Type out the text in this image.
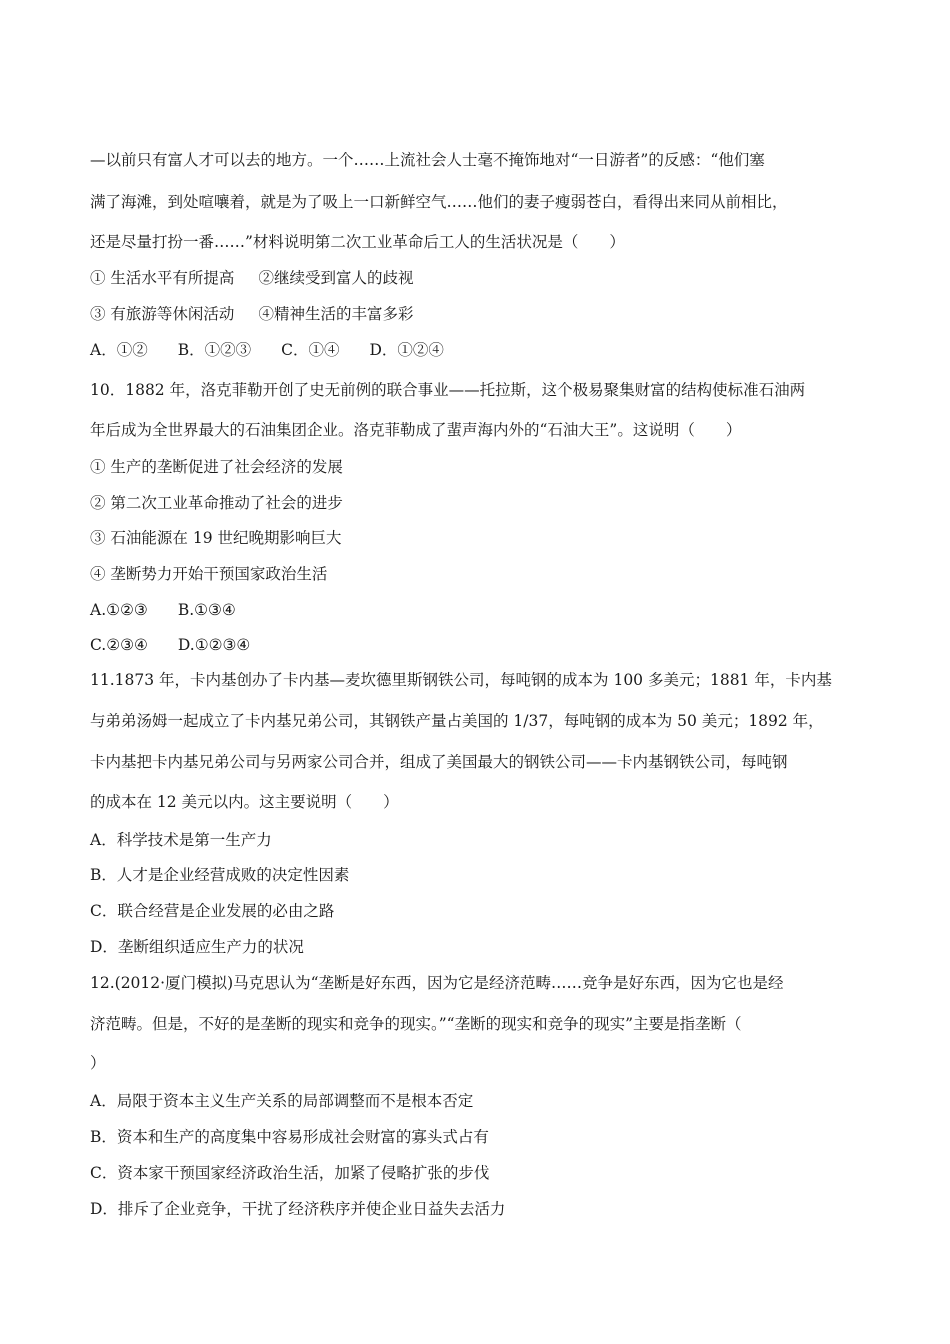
—以前只有富人才可以去的地方。一个……上流社会人士毫不掩饰地对“一日游者”的反感：“他们塞
满了海滩，到处喧嚷着，就是为了吸上一口新鲜空气……他们的妻子瘦弱苍白，看得出来同从前相比，
还是尽量打扮一番……”材料说明第二次工业革命后工人的生活状况是（　　）
① 生活水平有所提高 ②继续受到富人的歧视
③ 有旅游等休闲活动 ④精神生活的丰富多彩
A．①② B．①②③ C．①④ D．①②④
10．1882 年，洛克菲勒开创了史无前例的联合事业——托拉斯，这个极易聚集财富的结构使标准石油两
年后成为全世界最大的石油集团企业。洛克菲勒成了蜚声海内外的“石油大王”。这说明（　　）
① 生产的垄断促进了社会经济的发展
② 第二次工业革命推动了社会的进步
③ 石油能源在 19 世纪晚期影响巨大
④ 垄断势力开始干预国家政治生活
A.①②③ B.①③④
C.②③④ D.①②③④
11.1873 年，卡内基创办了卡内基—麦坎德里斯钢铁公司，每吨钢的成本为 100 多美元；1881 年，卡内基
与弟弟汤姆一起成立了卡内基兄弟公司，其钢铁产量占美国的 1/37，每吨钢的成本为 50 美元；1892 年，
卡内基把卡内基兄弟公司与另两家公司合并，组成了美国最大的钢铁公司——卡内基钢铁公司，每吨钢
的成本在 12 美元以内。这主要说明（　　）
A．科学技术是第一生产力
B．人才是企业经营成败的决定性因素
C．联合经营是企业发展的必由之路
D．垄断组织适应生产力的状况
12.(2012·厦门模拟)马克思认为“垄断是好东西，因为它是经济范畴……竞争是好东西，因为它也是经
济范畴。但是，不好的是垄断的现实和竞争的现实。”“垄断的现实和竞争的现实”主要是指垄断（
）
A．局限于资本主义生产关系的局部调整而不是根本否定
B．资本和生产的高度集中容易形成社会财富的寡头式占有
C．资本家干预国家经济政治生活，加紧了侵略扩张的步伐
D．排斥了企业竞争，干扰了经济秩序并使企业日益失去活力
